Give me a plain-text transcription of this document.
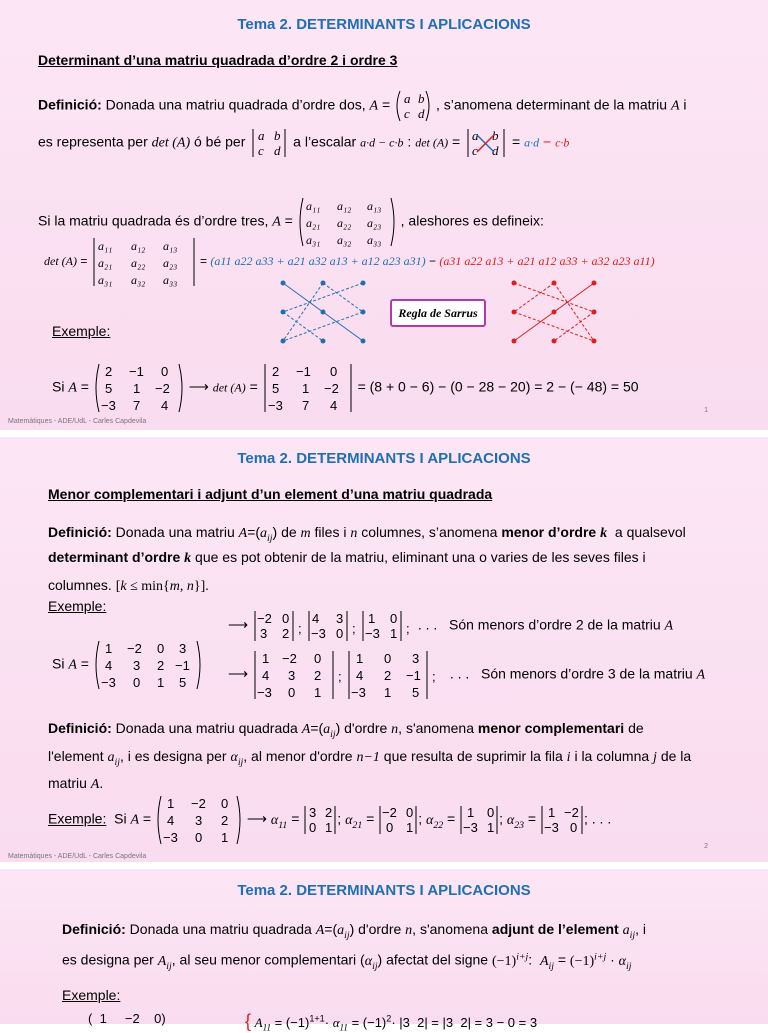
Tema 2. DETERMINANTS I APLICACIONS
Determinant d’una matriu quadrada d’ordre 2 i ordre 3
Definició: Donada una matriu quadrada d’ordre dos, A = a b
c d
, s’anomena determinant de la matriu A i
es representa per det (A) ó bé per a b
c d
a l’escalar a·d − c·b : det (A) = a b
c d
= a·d − c·b
Si la matriu quadrada és d’ordre tres, A =
a₁₁ a₁₂ a₁₃
a₂₁ a₂₂ a₂₃
a₃₁ a₃₂ a₃₃
, aleshores es defineix:
det (A) =
a₁₁ a₁₂ a₁₃
a₂₁ a₂₂ a₂₃
a₃₁ a₃₂ a₃₃
= (a11 a22 a33 + a21 a32 a13 + a12 a23 a31) − (a31 a22 a13 + a21 a12 a33 + a32 a23 a11)
Regla de Sarrus
Exemple:
Si A =
2 −1 0
5 1 −2
−3 7 4
⟶ det (A) =
2 −1 0
5 1 −2
−3 7 4
= (8 + 0 − 6) − (0 − 28 − 20) = 2 − (− 48) = 50
Matemàtiques - ADE/UdL - Carles Capdevila
1
Tema 2. DETERMINANTS I APLICACIONS
Menor complementari i adjunt d’un element d’una matriu quadrada
Definició: Donada una matriu $A=(a_{ij})$ de m files i n columnes, s’anomena menor d’ordre k a qualsevol
determinant d’ordre k que es pot obtenir de la matriu, eliminant una o varies de les seves files i
columnes. [k ≤ min{m, n}].
Exemple:
Si A =
1 −2 0 3
4 3 2 −1
−3 0 1 5
⟶ −2 0
3 2 ;
4 3
−3 0 ;
1 0
−3 1 ; . . . Són menors d’ordre 2 de la matriu A
⟶
1 −2 0
4 3 2
−3 0 1
;
1 0 3
4 2 −1
−3 1 5
; . . . Són menors d’ordre 3 de la matriu A
Definició: Donada una matriu quadrada $A=(a_{ij})$ d'ordre n, s'anomena menor complementari de
l'element $a_{ij}$, i es designa per $\alpha_{ij}$, al menor d'ordre n−1 que resulta de suprimir la fila i i la columna j de la
matriu A.
Exemple:  Si A =
1 −2 0
4 3 2
−3 0 1
⟶ $\alpha_{11} = 3$ 2
0 1
; $\alpha_{21} = -2$ 0
0 1
; $\alpha_{22} = 1$ 0
−3 1
; $\alpha_{23} = 1 -2$
−3 0
; . . .
Matemàtiques - ADE/UdL - Carles Capdevila
2
Tema 2. DETERMINANTS I APLICACIONS
Definició: Donada una matriu quadrada $A=(a_{ij})$ d'ordre n, s'anomena adjunt de l’element $a_{ij}$, i
es designa per $A_{ij}$, al seu menor complementari $(\alpha_{ij})$ afectat del signe $(-1)^{i+j}$:  $A_{ij} = (-1)^{i+j} \cdot \alpha_{ij}$
Exemple:
(  1     −2    0)	{ $A_{11} = (-1)^{1+1}\cdot \alpha_{11} = (-1)^2\cdot |3$  2| = |3  2| = 3 − 0 = 3
